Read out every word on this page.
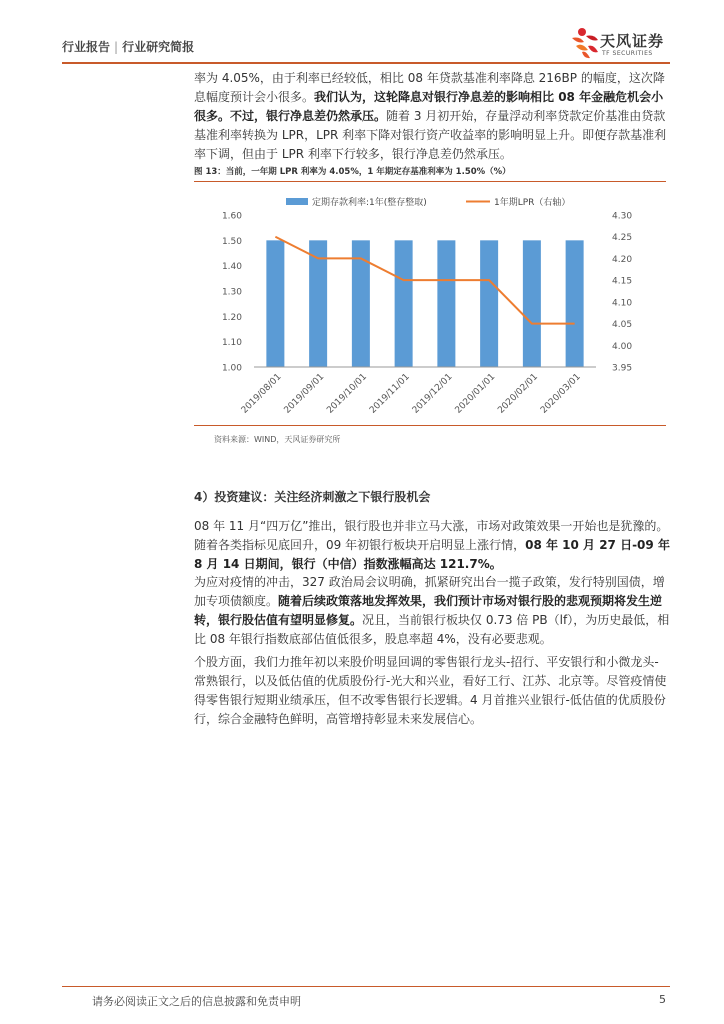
行业报告 | 行业研究简报	天风证券
TF SECURITIES
率为 4.05%，由于利率已经较低，相比 08 年贷款基准利率降息 216BP 的幅度，这次降息幅度预计会小很多。我们认为，这轮降息对银行净息差的影响相比 08 年金融危机会小很多。不过，银行净息差仍然承压。随着 3 月初开始，存量浮动利率贷款定价基准由贷款基准利率转换为 LPR，LPR 利率下降对银行资产收益率的影响明显上升。即便存款基准利率下调，但由于 LPR 利率下行较多，银行净息差仍然承压。
图 13：当前，一年期 LPR 利率为 4.05%，1 年期定存基准利率为 1.50%（%）
定期存款利率:1年(整存整取)	1年期LPR（右轴）
1.00
1.10
1.20
1.30
1.40
1.50
1.60
3.95
4.00
4.05
4.10
4.15
4.20
4.25
4.30
2019/08/01
2019/09/01
2019/10/01
2019/11/01
2019/12/01
2020/01/01
2020/02/01
2020/03/01
资料来源：WIND，天风证券研究所
4）投资建议：关注经济刺激之下银行股机会
08 年 11 月“四万亿”推出，银行股也并非立马大涨，市场对政策效果一开始也是犹豫的。随着各类指标见底回升，09 年初银行板块开启明显上涨行情，08 年 10 月 27 日-09 年 8 月 14 日期间，银行（中信）指数涨幅高达 121.7%。
为应对疫情的冲击，327 政治局会议明确，抓紧研究出台一揽子政策，发行特别国债，增加专项债额度。随着后续政策落地发挥效果，我们预计市场对银行股的悲观预期将发生逆转，银行股估值有望明显修复。况且，当前银行板块仅 0.73 倍 PB（lf），为历史最低，相比 08 年银行指数底部估值低很多，股息率超 4%，没有必要悲观。
个股方面，我们力推年初以来股价明显回调的零售银行龙头-招行、平安银行和小微龙头-常熟银行，以及低估值的优质股份行-光大和兴业，看好工行、江苏、北京等。尽管疫情使得零售银行短期业绩承压，但不改零售银行长逻辑。4 月首推兴业银行-低估值的优质股份行，综合金融特色鲜明，高管增持彰显未来发展信心。
请务必阅读正文之后的信息披露和免责申明	5
